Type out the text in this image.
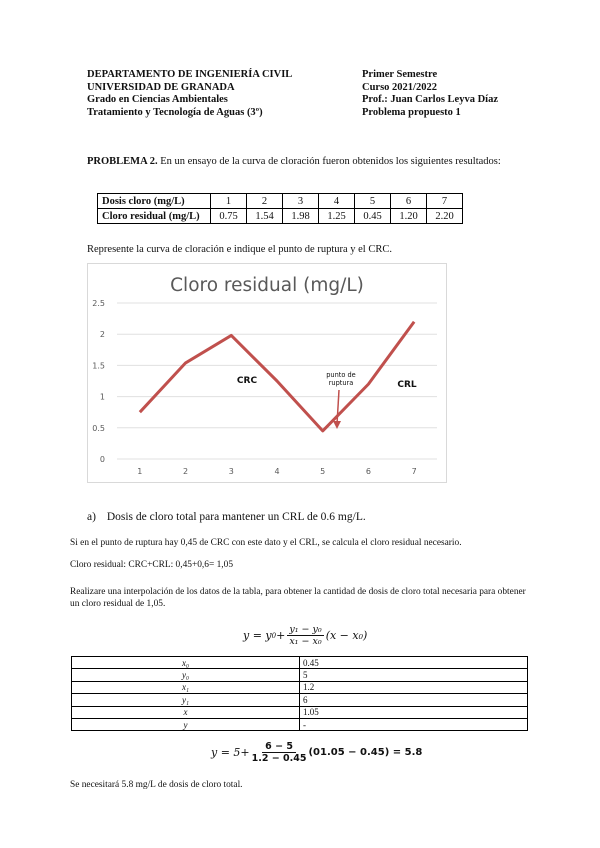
DEPARTAMENTO DE INGENIERÍA CIVIL
UNIVERSIDAD DE GRANADA
Grado en Ciencias Ambientales
Tratamiento y Tecnología de Aguas (3º)
Primer Semestre
Curso 2021/2022
Prof.: Juan Carlos Leyva Díaz
Problema propuesto 1
PROBLEMA 2. En un ensayo de la curva de cloración fueron obtenidos los siguientes resultados:
Dosis cloro (mg/L)	1	2	3	4	5	6	7
Cloro residual (mg/L)	0.75	1.54	1.98	1.25	0.45	1.20	2.20
Represente la curva de cloración e indique el punto de ruptura y el CRC.
Cloro residual (mg/L)
0
0.5
1
1.5
2
2.5
1	2	3	4	5	6	7
CRC	CRL
punto de
ruptura
a) Dosis de cloro total para mantener un CRL de 0.6 mg/L.
Si en el punto de ruptura hay 0,45 de CRC con este dato y el CRL, se calcula el cloro residual necesario.
Cloro residual: CRC+CRL: 0,45+0,6= 1,05
Realizare una interpolación de los datos de la tabla, para obtener la cantidad de dosis de cloro total necesaria para obtener un cloro residual de 1,05.
y = y $0 + \frac{\text{y₁ − y₀}}{\text{x₁ − x₀}} (x - x_0)$
x₀	0.45
y₀	5
x₁	1.2
y₁	6
x	1.05
y	-
$y = 5+ \frac{6 - 5}{1.2 - 0.45} (01.05 - 0.45) = 5.8$
Se necesitará 5.8 mg/L de dosis de cloro total.
